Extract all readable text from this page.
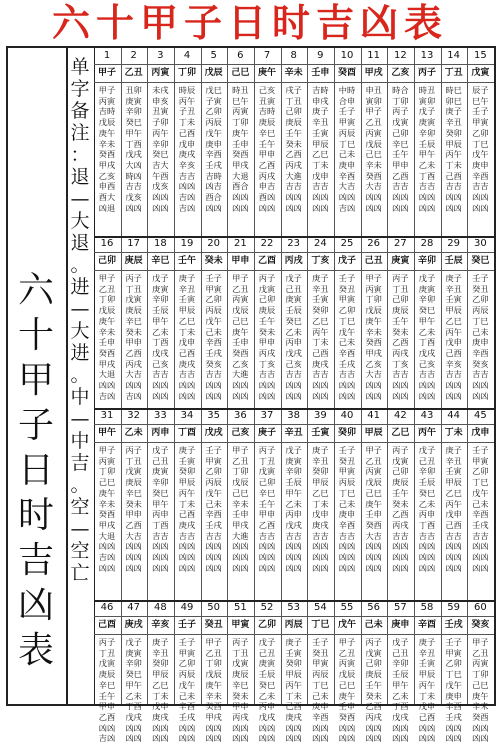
六十甲子日时吉凶表
六
十
甲
子
日
时
吉
凶
表
单
字
备
注
：
退
—
大
退
。
进
—
大
进
。
中
—
中
吉
。
空
—
空
亡
1
甲子
甲子
丙寅
吉時
戊辰
庚午
辛未
癸酉
甲戌
乙亥
申西
酉大
凶退
2
乙丑
丑卯
庚寅
辛卯
癸巳
甲午
丁酉
戊戌
大凶
時凶
吉吉
戊亥
凶凶
3
丙寅
未戌
申亥
丑寅
子卯
丙午
辛卯
癸巳
吉大
午酉
戊亥
凶凶
凶凶
4
丁卯
時辰
丙午
子丑
丁未
己酉
戊申
庚戌
辛亥
吉吉
凶凶
吉凶
吉凶
5
戊辰
戊巳
子寅
乙卯
丙辰
戊午
庚申
辛酉
壬戌
吉時
凶吉
酉合
凶凶
6
己巳
時丑
巳午
丙寅
丁卯
庚午
壬申
癸酉
甲戌
大退
酉合
凶凶
凶凶
7
庚午
己亥
丑寅
吉時
庚辰
辛巳
壬午
甲申
乙酉
丙戌
申吉
酉凶
凶凶
8
辛未
戌子
丁丑
己卯
庚辰
壬午
癸未
乙酉
丙戌
大進
吉吉
凶凶
凶凶
9
壬申
吉時
申戌
庚子
辛丑
壬寅
甲辰
乙巳
丁未
戊申
吉吉
凶凶
凶凶
10
癸酉
中時
合申
壬子
甲寅
丙辰
丁巳
己未
庚申
辛酉
大吉
凶凶
吉凶
11
甲戌
申丑
寅卯
甲子
乙丑
丙寅
戊辰
己巳
辛未
癸酉
大吉
凶凶
凶凶
12
乙亥
時合
丁卯
丙子
戊寅
己卯
辛巳
壬午
甲申
乙酉
吉吉
凶凶
凶凶
13
丙子
時丑
寅卯
戊子
庚寅
辛卯
壬辰
甲午
乙未
丁酉
吉吉
凶凶
凶凶
14
丁丑
時巳
卯巳
庚子
辛丑
癸卯
甲辰
丙午
丁未
己酉
吉吉
凶凶
凶凶
15
戊寅
辰子
巳午
壬子
甲寅
乙卯
丁巳
戊午
庚申
辛酉
吉吉
凶凶
凶凶
16
己卯
甲子
乙丑
丁卯
戊辰
庚午
辛未
壬申
癸酉
甲戌
大退
凶凶
吉凶
17
庚辰
丙子
丁丑
戊寅
庚辰
辛巳
癸未
甲申
乙酉
丙戌
大吉
凶凶
吉凶
18
辛巳
戊子
庚寅
辛卯
壬辰
甲午
乙未
丁酉
戊戌
己亥
吉吉
凶凶
凶凶
19
壬午
庚子
辛丑
壬寅
甲辰
乙巳
丁未
戊申
己酉
庚戌
吉吉
凶凶
凶凶
20
癸未
壬子
甲寅
乙卯
丙辰
戊午
己未
辛酉
壬戌
癸亥
吉吉
凶凶
凶凶
21
甲申
甲子
乙丑
丙寅
戊辰
己巳
庚午
壬申
癸酉
乙亥
大進
凶凶
凶凶
22
乙酉
丙子
戊寅
己卯
庚辰
壬午
癸未
甲申
丙戌
丁亥
吉吉
凶凶
凶凶
23
丙戌
戊子
己丑
庚寅
壬辰
癸巳
乙未
丙申
戊戌
己亥
吉吉
凶凶
凶凶
24
丁亥
庚子
辛丑
壬寅
癸卯
乙巳
丙午
丁未
己酉
庚戌
吉吉
凶凶
凶凶
25
戊子
壬子
癸丑
甲寅
乙卯
丁巳
戊午
己未
辛酉
壬戌
吉吉
凶凶
凶凶
26
己丑
甲子
丙寅
丁卯
戊辰
庚午
辛未
癸酉
甲戌
乙亥
大吉
凶凶
凶凶
27
庚寅
丙子
丁丑
己卯
庚辰
壬午
癸未
乙酉
丙戌
丁亥
吉吉
凶凶
凶凶
28
辛卯
戊子
庚寅
辛卯
癸巳
甲午
乙未
丁酉
戊戌
己亥
吉吉
凶凶
凶凶
29
壬辰
庚子
辛丑
壬寅
甲辰
乙巳
丙午
戊申
己酉
辛亥
吉吉
凶凶
凶凶
30
癸巳
壬子
癸丑
乙卯
丙辰
丁巳
己未
庚申
辛酉
癸亥
吉吉
凶凶
凶凶
31
甲午
甲子
丙寅
丁卯
己巳
庚午
辛未
癸酉
甲戌
大退
凶凶
吉凶
凶凶
32
乙未
丙子
丁丑
戊寅
庚辰
辛巳
癸未
甲申
乙酉
大吉
凶凶
凶凶
凶凶
33
丙申
戊子
己丑
庚寅
辛卯
癸巳
甲午
丙申
丁酉
吉吉
凶凶
凶凶
凶凶
34
丁酉
庚子
壬寅
癸卯
甲辰
丙午
丁未
己酉
庚戌
吉吉
凶凶
凶凶
凶凶
35
戊戌
壬子
甲寅
乙卯
丙辰
戊午
己未
辛酉
壬戌
吉吉
凶凶
凶凶
凶凶
36
己亥
甲子
乙丑
丁卯
戊辰
己巳
辛未
壬申
甲戌
大進
凶凶
凶凶
凶凶
37
庚子
丙子
丁丑
戊寅
己卯
辛巳
壬午
甲申
乙酉
吉吉
凶凶
凶凶
凶凶
38
辛丑
戊子
庚寅
辛卯
壬辰
甲午
乙未
丙申
戊戌
吉吉
凶凶
凶凶
凶凶
39
壬寅
庚子
辛丑
癸卯
甲辰
乙巳
丁未
戊申
庚戌
吉吉
凶凶
凶凶
凶凶
40
癸卯
壬子
癸丑
甲寅
丙辰
丁巳
己未
庚申
辛酉
吉吉
凶凶
凶凶
凶凶
41
甲辰
甲子
乙丑
丙寅
戊辰
己巳
庚午
壬申
癸酉
大吉
凶凶
凶凶
凶凶
42
乙巳
丙子
戊寅
己卯
庚辰
壬午
癸未
乙酉
丙戌
吉吉
凶凶
凶凶
凶凶
43
丙午
戊子
己丑
辛卯
壬辰
癸巳
乙未
丙申
丁酉
吉吉
凶凶
凶凶
凶凶
44
丁未
庚子
辛丑
壬寅
甲辰
乙巳
丙午
戊申
己酉
吉吉
凶凶
凶凶
凶凶
45
戊申
壬子
甲寅
乙卯
丁巳
戊午
己未
辛酉
壬戌
吉吉
凶凶
凶凶
凶凶
46
己酉
丙子
丁丑
戊寅
庚辰
辛巳
壬午
甲申
乙酉
凶凶
吉凶
47
庚戌
戊子
庚寅
辛卯
癸巳
甲午
乙未
丁酉
戊戌
凶凶
凶凶
48
辛亥
庚子
辛丑
癸卯
甲辰
乙巳
丁未
戊申
庚戌
凶凶
凶凶
49
壬子
壬子
甲寅
乙卯
丙辰
戊午
己未
辛酉
壬戌
凶凶
凶凶
50
癸丑
甲子
乙丑
丁卯
戊辰
庚午
辛未
癸酉
甲戌
凶凶
凶凶
51
甲寅
丙子
丁丑
戊寅
庚辰
辛巳
癸未
甲申
丙戌
凶凶
凶凶
52
乙卯
戊子
己丑
庚寅
壬辰
癸巳
乙未
丙申
戊戌
凶凶
凶凶
53
丙辰
庚子
壬寅
癸卯
甲辰
丙午
丁未
己酉
庚戌
凶凶
凶凶
54
丁巳
壬子
癸丑
甲寅
丙辰
丁巳
己未
庚申
辛酉
凶凶
凶凶
55
戊午
甲子
乙丑
丙寅
戊辰
己巳
庚午
壬申
癸酉
凶凶
凶凶
56
己未
丙子
戊寅
己卯
庚辰
壬午
癸未
乙酉
丙戌
凶凶
凶凶
57
庚申
戊子
己丑
辛卯
壬辰
甲午
乙未
丁酉
戊戌
凶凶
凶凶
58
辛酉
庚子
辛丑
壬寅
甲辰
丙午
丁未
戊申
己酉
凶凶
凶凶
59
壬戌
壬子
甲寅
乙卯
丁巳
戊午
庚申
辛酉
壬戌
凶凶
凶凶
60
癸亥
甲子
乙丑
丙寅
丁卯
己巳
庚午
辛未
癸酉
凶凶
凶凶
